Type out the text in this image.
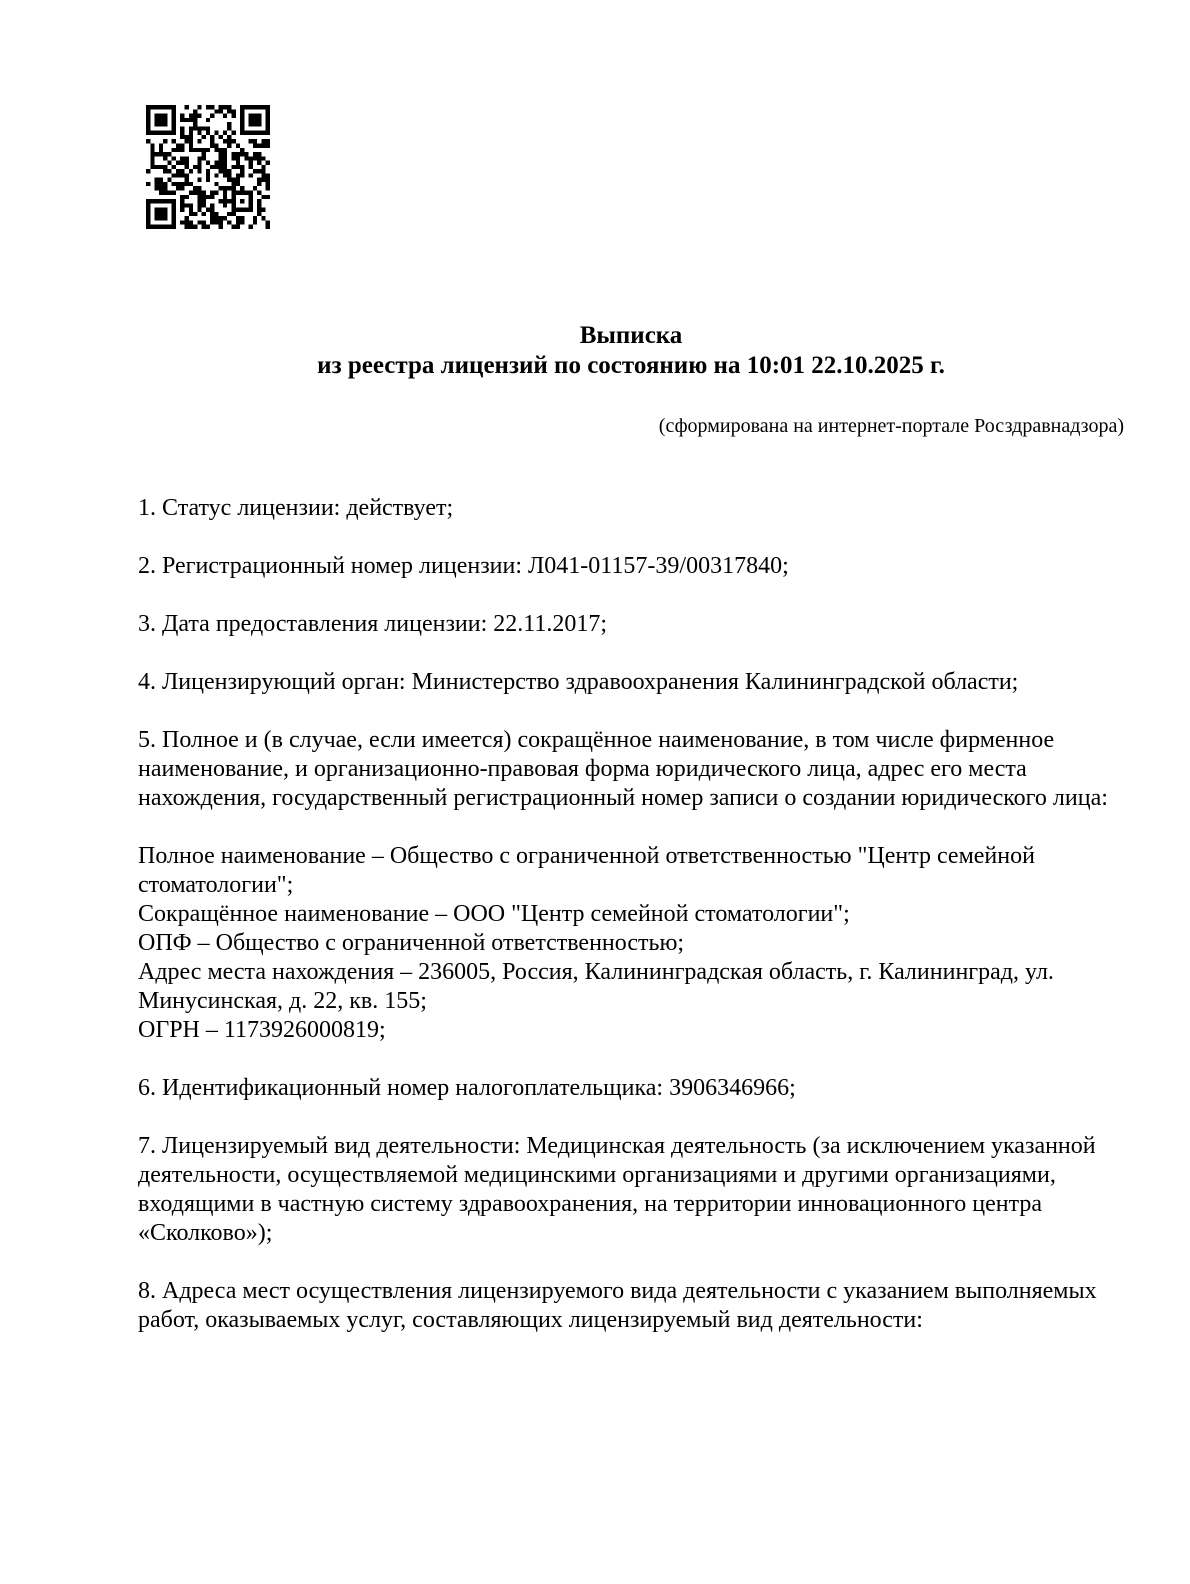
Выписка
из реестра лицензий по состоянию на 10:01 22.10.2025 г.
(сформирована на интернет-портале Росздравнадзора)

1. Статус лицензии: действует;

2. Регистрационный номер лицензии: Л041-01157-39/00317840;

3. Дата предоставления лицензии: 22.11.2017;

4. Лицензирующий орган: Министерство здравоохранения Калининградской области;

5. Полное и (в случае, если имеется) сокращённое наименование, в том числе фирменное наименование, и организационно-правовая форма юридического лица, адрес его места нахождения, государственный регистрационный номер записи о создании юридического лица:

Полное наименование – Общество с ограниченной ответственностью "Центр семейной стоматологии";

Сокращённое наименование – ООО "Центр семейной стоматологии";

ОПФ – Общество с ограниченной ответственностью;

Адрес места нахождения – 236005, Россия, Калининградская область, г. Калининград, ул. Минусинская, д. 22, кв. 155;

ОГРН – 1173926000819;

6. Идентификационный номер налогоплательщика: 3906346966;

7. Лицензируемый вид деятельности: Медицинская деятельность (за исключением указанной деятельности, осуществляемой медицинскими организациями и другими организациями, входящими в частную систему здравоохранения, на территории инновационного центра «Сколково»);

8. Адреса мест осуществления лицензируемого вида деятельности с указанием выполняемых работ, оказываемых услуг, составляющих лицензируемый вид деятельности:
